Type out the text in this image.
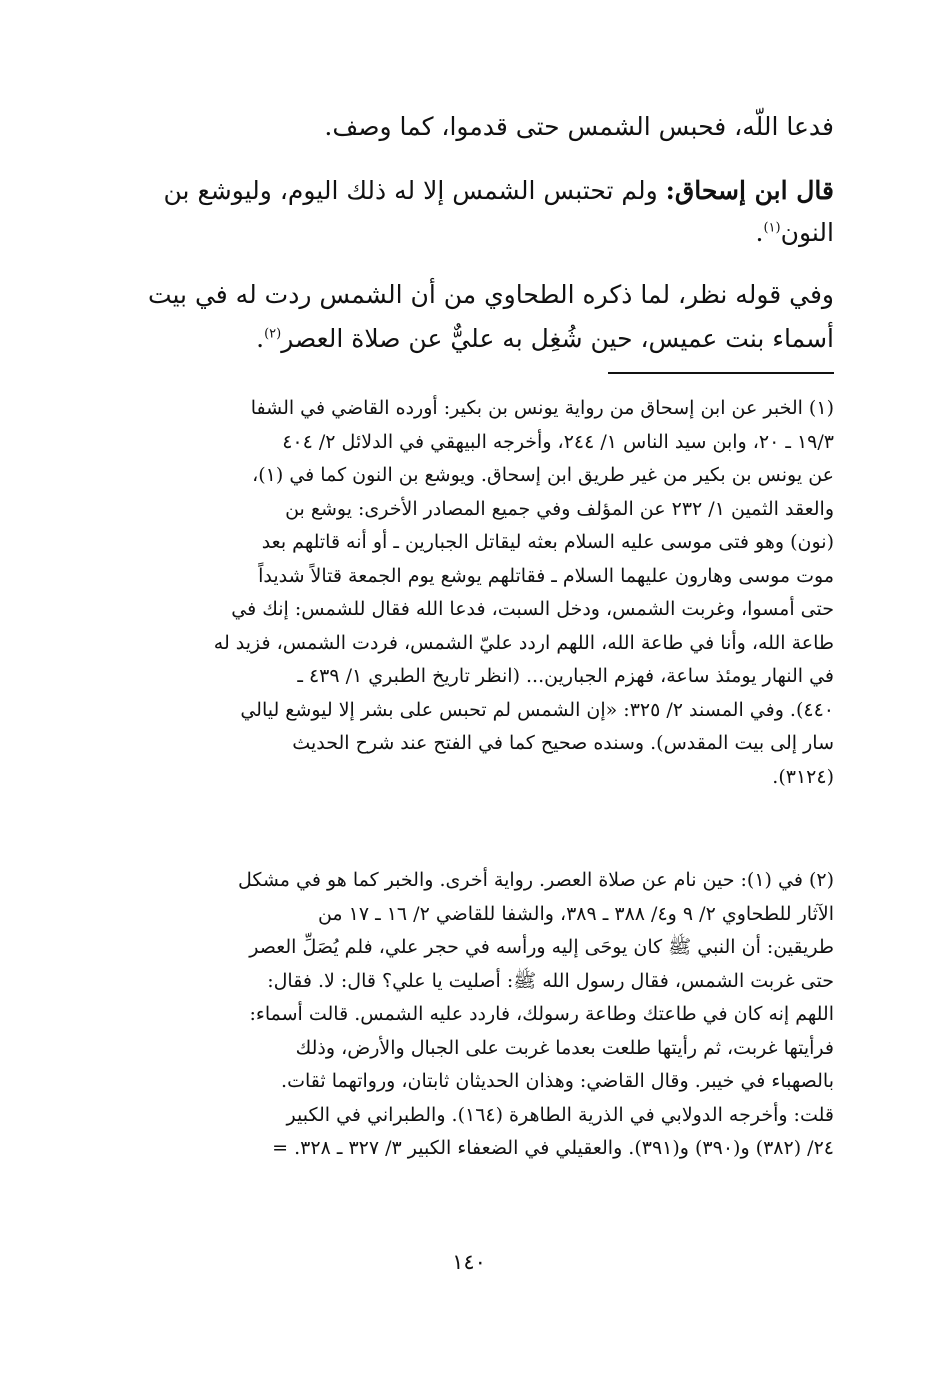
فدعا اللّه، فحبس الشمس حتى قدموا، كما وصف.
قال ابن إسحاق: ولم تحتبس الشمس إلا له ذلك اليوم، وليوشع بن
النون$^{(١)}$.
وفي قوله نظر، لما ذكره الطحاوي من أن الشمس ردت له في بيت
أسماء بنت عميس، حين شُغِل به عليٌّ عن صلاة العصر$^{(٢)}$.
(١) الخبر عن ابن إسحاق من رواية يونس بن بكير: أورده القاضي في الشفا
١٩/٣ ـ ٢٠، وابن سيد الناس ١/ ٢٤٤، وأخرجه البيهقي في الدلائل ٢/ ٤٠٤
عن يونس بن بكير من غير طريق ابن إسحاق. ويوشع بن النون كما في (١)،
والعقد الثمين ١/ ٢٣٢ عن المؤلف وفي جميع المصادر الأخرى: يوشع بن
(نون) وهو فتى موسى عليه السلام بعثه ليقاتل الجبارين ـ أو أنه قاتلهم بعد
موت موسى وهارون عليهما السلام ـ فقاتلهم يوشع يوم الجمعة قتالاً شديداً
حتى أمسوا، وغربت الشمس، ودخل السبت، فدعا الله فقال للشمس: إنك في
طاعة الله، وأنا في طاعة الله، اللهم اردد عليّ الشمس، فردت الشمس، فزيد له
في النهار يومئذ ساعة، فهزم الجبارين... (انظر تاريخ الطبري ١/ ٤٣٩ ـ
٤٤٠). وفي المسند ٢/ ٣٢٥: «إن الشمس لم تحبس على بشر إلا ليوشع ليالي
سار إلى بيت المقدس). وسنده صحيح كما في الفتح عند شرح الحديث
(٣١٢٤).
(٢) في (١): حين نام عن صلاة العصر. رواية أخرى. والخبر كما هو في مشكل
الآثار للطحاوي ٢/ ٩ و٤/ ٣٨٨ ـ ٣٨٩، والشفا للقاضي ٢/ ١٦ ـ ١٧ من
طريقين: أن النبي ﷺ كان يوحَى إليه ورأسه في حجر علي، فلم يُصَلِّ العصر
حتى غربت الشمس، فقال رسول الله ﷺ: أصليت يا علي؟ قال: لا. فقال:
اللهم إنه كان في طاعتك وطاعة رسولك، فاردد عليه الشمس. قالت أسماء:
فرأيتها غربت، ثم رأيتها طلعت بعدما غربت على الجبال والأرض، وذلك
بالصهباء في خيبر. وقال القاضي: وهذان الحديثان ثابتان، ورواتهما ثقات.
قلت: وأخرجه الدولابي في الذرية الطاهرة (١٦٤). والطبراني في الكبير
٢٤/ (٣٨٢) و(٣٩٠) و(٣٩١). والعقيلي في الضعفاء الكبير ٣/ ٣٢٧ ـ ٣٢٨. =
١٤٠
